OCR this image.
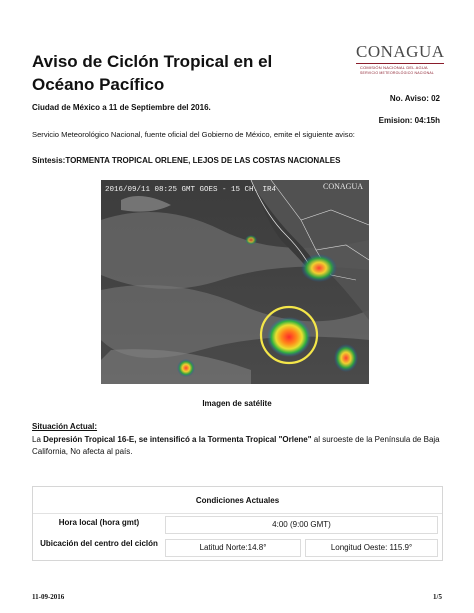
Aviso de Ciclón Tropical en el Océano Pacífico
CONAGUA
COMISIÓN NACIONAL DEL AGUA
SERVICIO METEOROLÓGICO NACIONAL
No. Aviso: 02
Ciudad de México a 11 de Septiembre del 2016.
Emision: 04:15h
Servicio Meteorológico Nacional, fuente oficial del Gobierno de México, emite el siguiente aviso:
Síntesis:TORMENTA TROPICAL ORLENE, LEJOS DE LAS COSTAS NACIONALES
2016/09/11 08:25 GMT GOES - 15 CH. IR4	CONAGUA
Imagen de satélite
Situación Actual:
La Depresión Tropical 16-E, se intensificó a la Tormenta Tropical "Orlene" al suroeste de la Península de Baja California, No afecta al país.
Condiciones Actuales
Hora local (hora gmt)	4:00 (9:00 GMT)
Ubicación del centro del ciclón	Latitud Norte:14.8°	Longitud Oeste: 115.9°
11-09-2016	1/5
